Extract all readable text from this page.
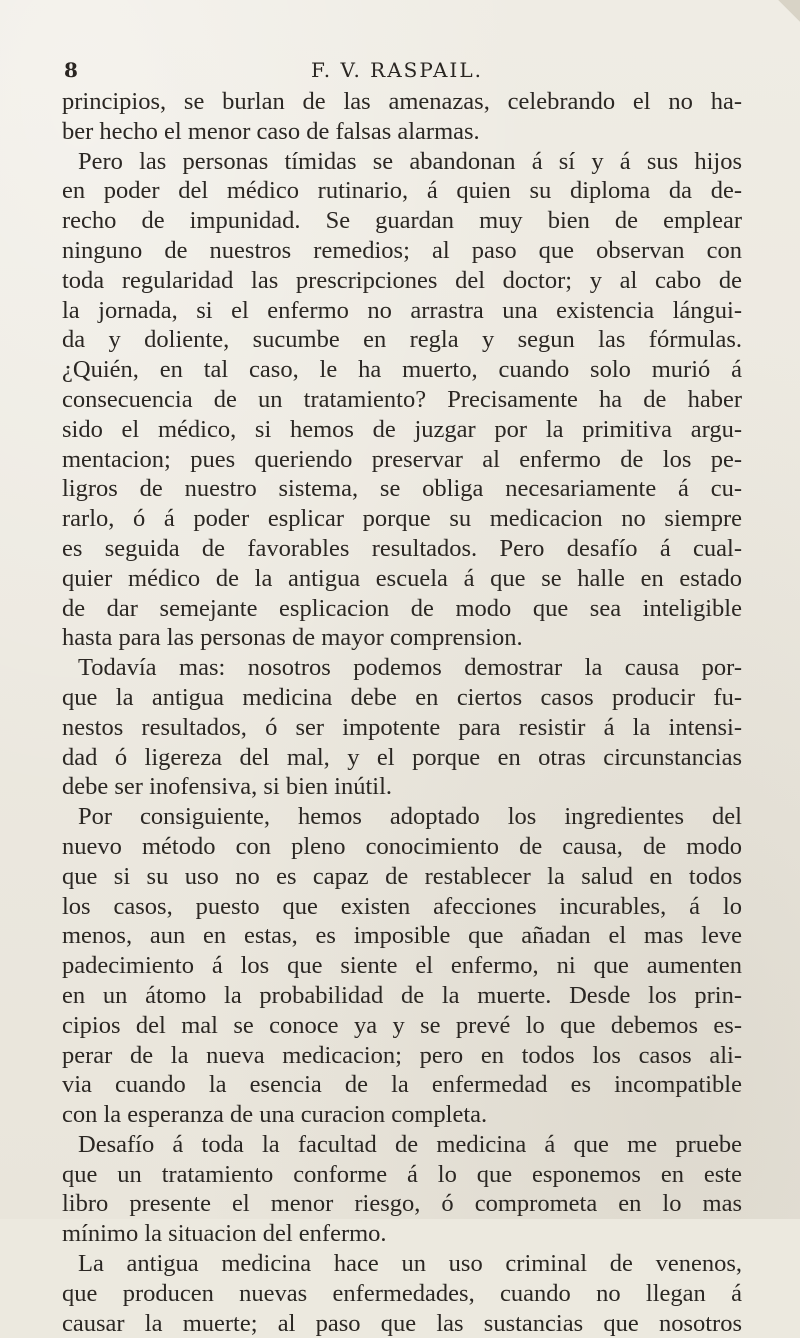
8	F. V. RASPAIL.
principios, se burlan de las amenazas, celebrando el no ha-
ber hecho el menor caso de falsas alarmas.
Pero las personas tímidas se abandonan á sí y á sus hijos
en poder del médico rutinario, á quien su diploma da de-
recho de impunidad. Se guardan muy bien de emplear
ninguno de nuestros remedios; al paso que observan con
toda regularidad las prescripciones del doctor; y al cabo de
la jornada, si el enfermo no arrastra una existencia lángui-
da y doliente, sucumbe en regla y segun las fórmulas.
¿Quién, en tal caso, le ha muerto, cuando solo murió á
consecuencia de un tratamiento? Precisamente ha de haber
sido el médico, si hemos de juzgar por la primitiva argu-
mentacion; pues queriendo preservar al enfermo de los pe-
ligros de nuestro sistema, se obliga necesariamente á cu-
rarlo, ó á poder esplicar porque su medicacion no siempre
es seguida de favorables resultados. Pero desafío á cual-
quier médico de la antigua escuela á que se halle en estado
de dar semejante esplicacion de modo que sea inteligible
hasta para las personas de mayor comprension.
Todavía mas: nosotros podemos demostrar la causa por-
que la antigua medicina debe en ciertos casos producir fu-
nestos resultados, ó ser impotente para resistir á la intensi-
dad ó ligereza del mal, y el porque en otras circunstancias
debe ser inofensiva, si bien inútil.
Por consiguiente, hemos adoptado los ingredientes del
nuevo método con pleno conocimiento de causa, de modo
que si su uso no es capaz de restablecer la salud en todos
los casos, puesto que existen afecciones incurables, á lo
menos, aun en estas, es imposible que añadan el mas leve
padecimiento á los que siente el enfermo, ni que aumenten
en un átomo la probabilidad de la muerte. Desde los prin-
cipios del mal se conoce ya y se prevé lo que debemos es-
perar de la nueva medicacion; pero en todos los casos ali-
via cuando la esencia de la enfermedad es incompatible
con la esperanza de una curacion completa.
Desafío á toda la facultad de medicina á que me pruebe
que un tratamiento conforme á lo que esponemos en este
libro presente el menor riesgo, ó comprometa en lo mas
mínimo la situacion del enfermo.
La antigua medicina hace un uso criminal de venenos,
que producen nuevas enfermedades, cuando no llegan á
causar la muerte; al paso que las sustancias que nosotros
